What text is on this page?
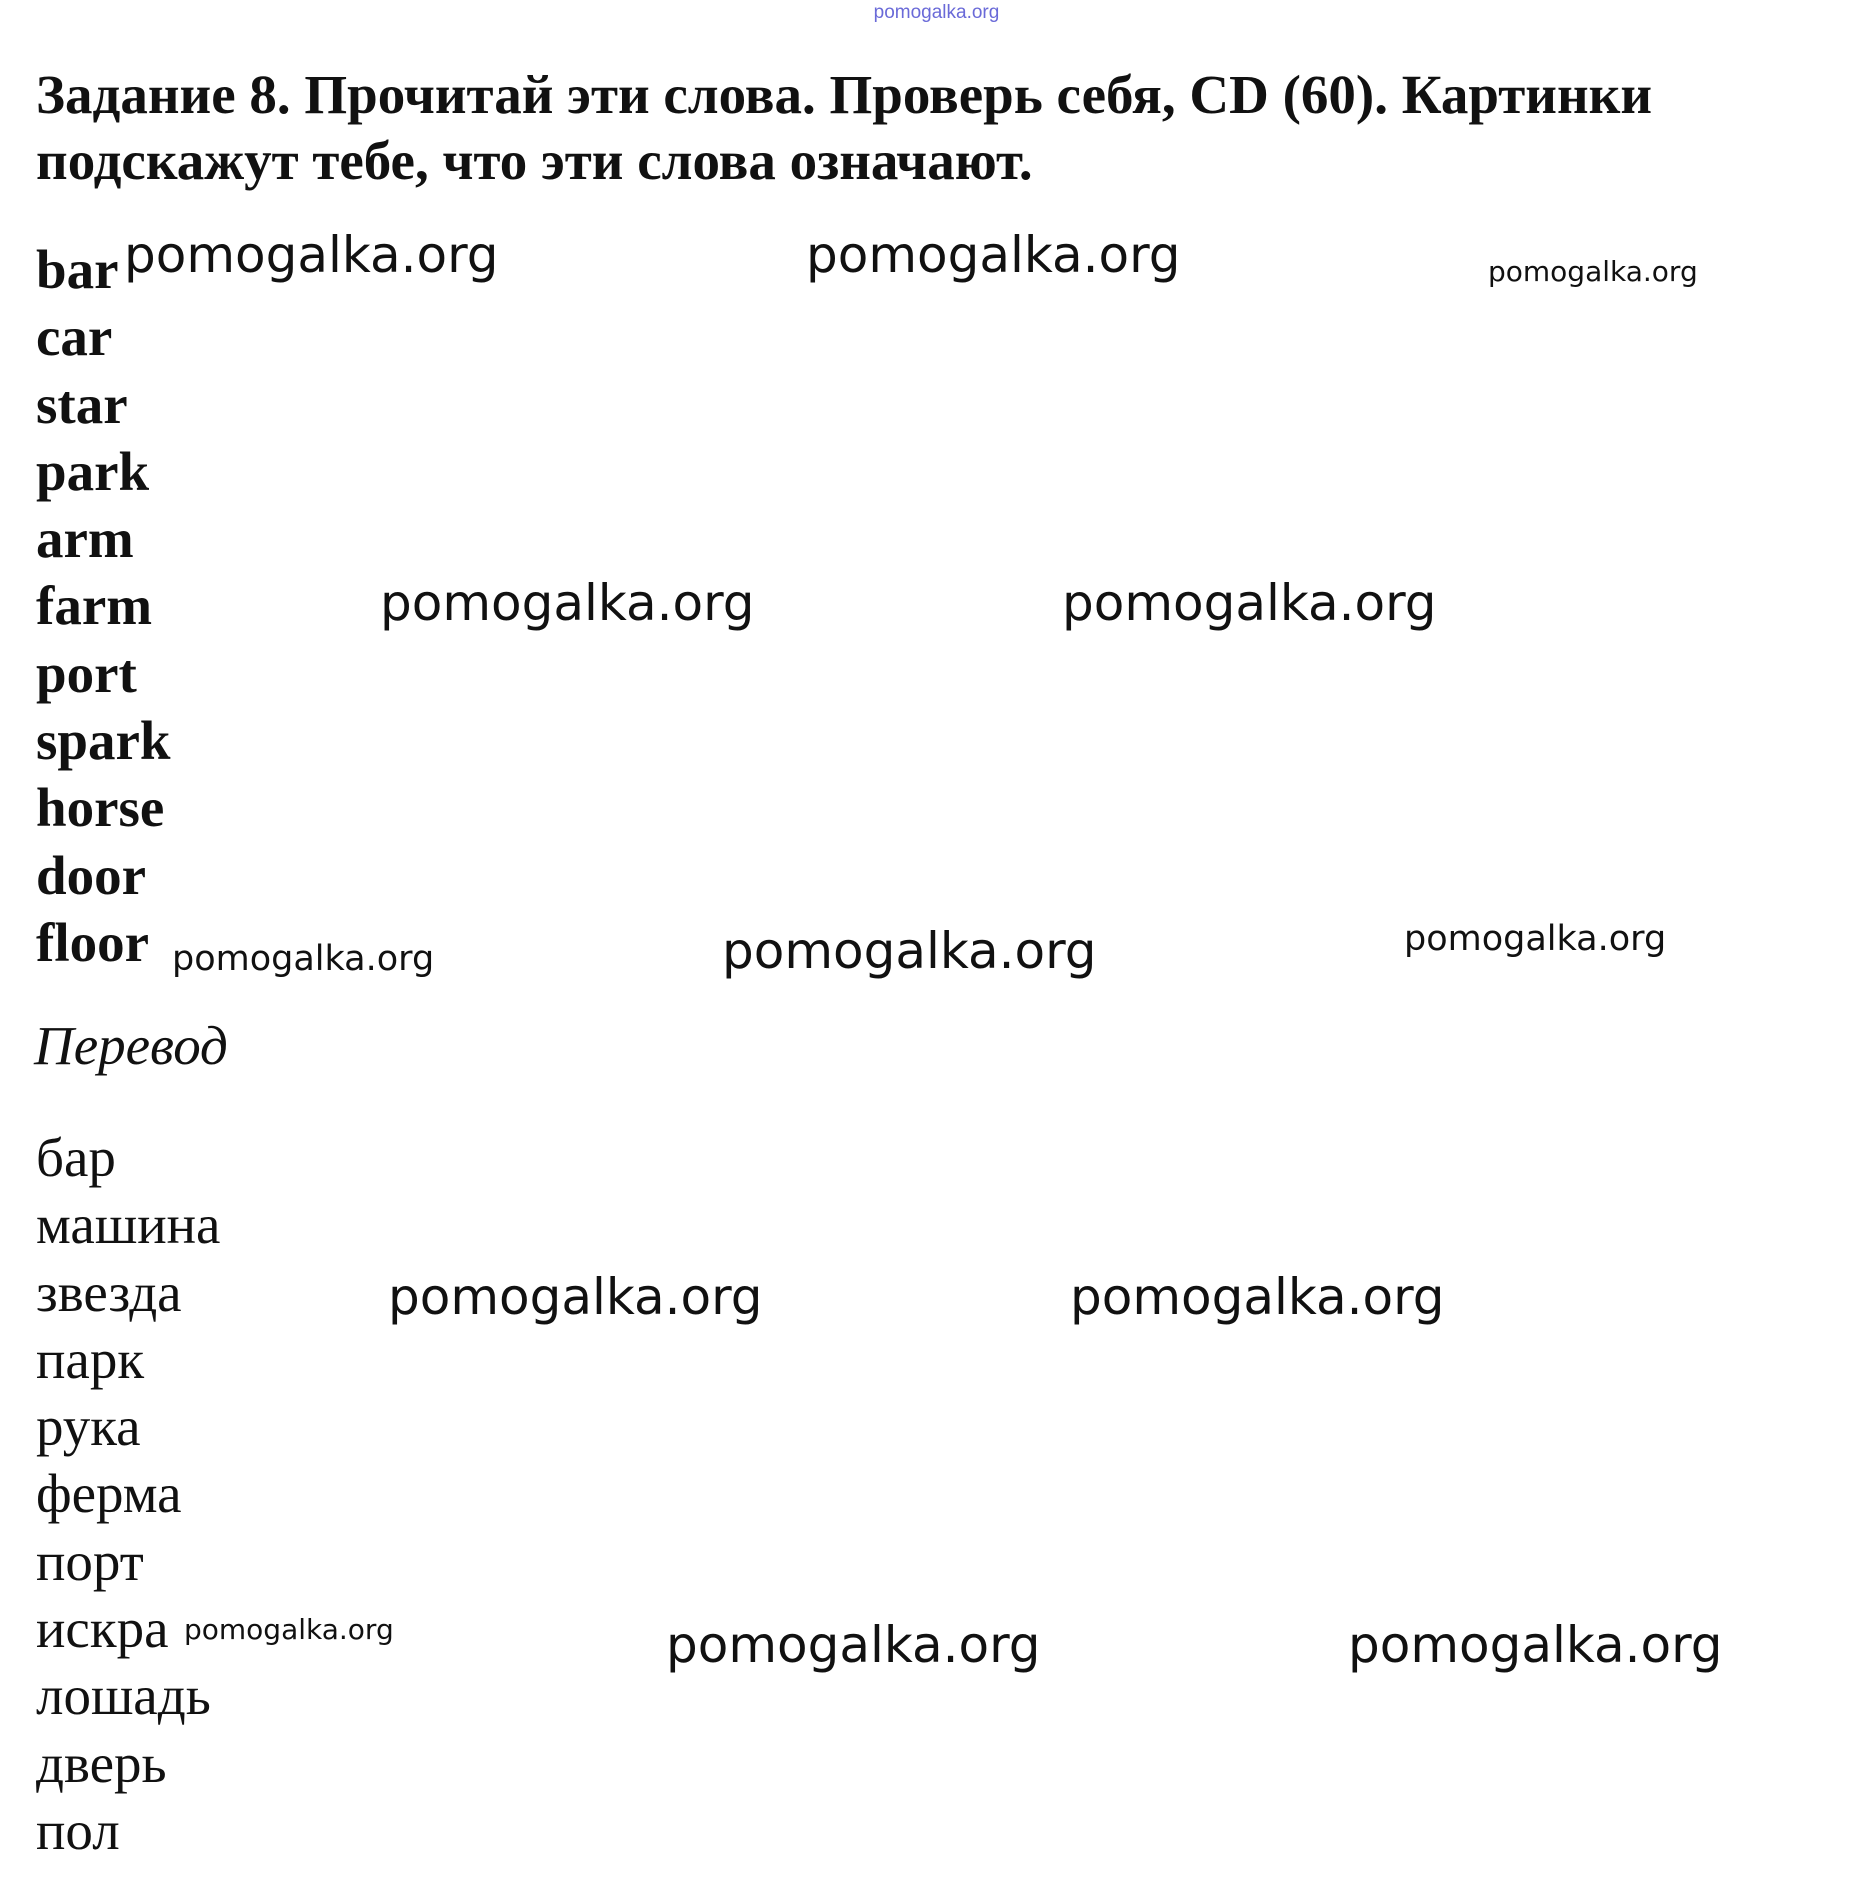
pomogalka.org
Задание 8. Прочитай эти слова. Проверь себя, CD (60). Картинки подскажут тебе, что эти слова означают.
bar
car
star
park
arm
farm
port
spark
horse
door
floor
Перевод
бар
машина
звезда
парк
рука
ферма
порт
искра
лошадь
дверь
пол
pomogalka.org	pomogalka.org	pomogalka.org
pomogalka.org	pomogalka.org
pomogalka.org	pomogalka.org	pomogalka.org
pomogalka.org	pomogalka.org
pomogalka.org	pomogalka.org	pomogalka.org
